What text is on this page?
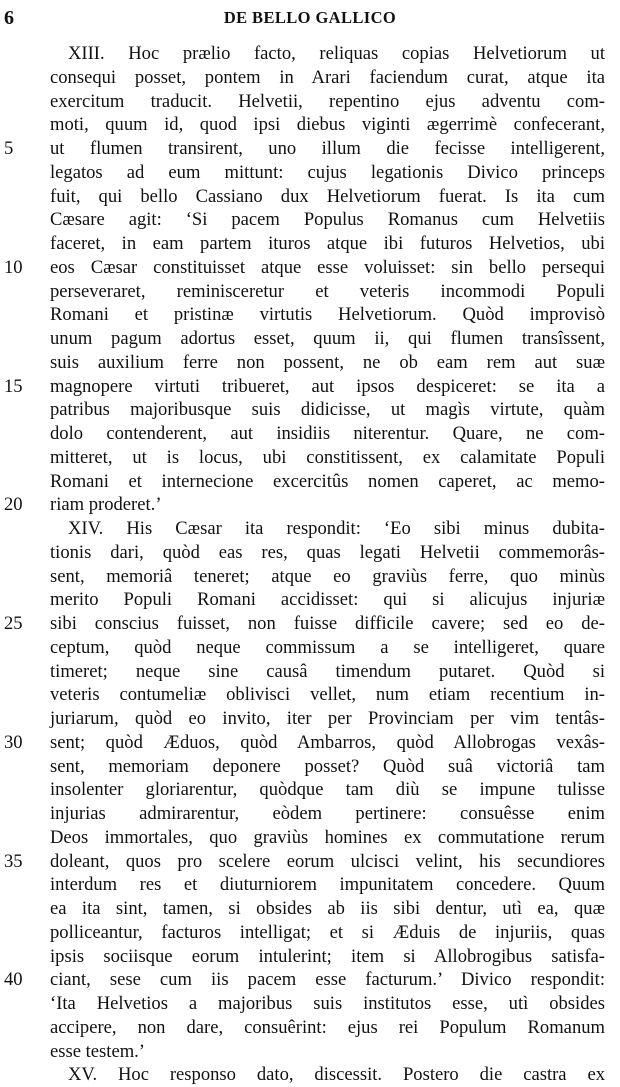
6	DE BELLO GALLICO
XIII. Hoc prælio facto, reliquas copias Helvetiorum ut
consequi posset, pontem in Arari faciendum curat, atque ita
exercitum traducit. Helvetii, repentino ejus adventu com-
moti, quum id, quod ipsi diebus viginti ægerrimè confecerant,
5	ut flumen transirent, uno illum die fecisse intelligerent,
legatos ad eum mittunt: cujus legationis Divico princeps
fuit, qui bello Cassiano dux Helvetiorum fuerat. Is ita cum
Cæsare agit: ‘Si pacem Populus Romanus cum Helvetiis
faceret, in eam partem ituros atque ibi futuros Helvetios, ubi
10	eos Cæsar constituisset atque esse voluisset: sin bello persequi
perseveraret, reminisceretur et veteris incommodi Populi
Romani et pristinæ virtutis Helvetiorum. Quòd improvisò
unum pagum adortus esset, quum ii, qui flumen transîssent,
suis auxilium ferre non possent, ne ob eam rem aut suæ
15	magnopere virtuti tribueret, aut ipsos despiceret: se ita a
patribus majoribusque suis didicisse, ut magìs virtute, quàm
dolo contenderent, aut insidiis niterentur. Quare, ne com-
mitteret, ut is locus, ubi constitissent, ex calamitate Populi
Romani et internecione excercitûs nomen caperet, ac memo-
20	riam proderet.’
XIV. His Cæsar ita respondit: ‘Eo sibi minus dubita-
tionis dari, quòd eas res, quas legati Helvetii commemorâs-
sent, memoriâ teneret; atque eo graviùs ferre, quo minùs
merito Populi Romani accidisset: qui si alicujus injuriæ
25	sibi conscius fuisset, non fuisse difficile cavere; sed eo de-
ceptum, quòd neque commissum a se intelligeret, quare
timeret; neque sine causâ timendum putaret. Quòd si
veteris contumeliæ oblivisci vellet, num etiam recentium in-
juriarum, quòd eo invito, iter per Provinciam per vim tentâs-
30	sent; quòd Æduos, quòd Ambarros, quòd Allobrogas vexâs-
sent, memoriam deponere posset? Quòd suâ victoriâ tam
insolenter gloriarentur, quòdque tam diù se impune tulisse
injurias admirarentur, eòdem pertinere: consuêsse enim
Deos immortales, quo graviùs homines ex commutatione rerum
35	doleant, quos pro scelere eorum ulcisci velint, his secundiores
interdum res et diuturniorem impunitatem concedere. Quum
ea ita sint, tamen, si obsides ab iis sibi dentur, utì ea, quæ
polliceantur, facturos intelligat; et si Æduis de injuriis, quas
ipsis sociisque eorum intulerint; item si Allobrogibus satisfa-
40	ciant, sese cum iis pacem esse facturum.’ Divico respondit:
‘Ita Helvetios a majoribus suis institutos esse, utì obsides
accipere, non dare, consuêrint: ejus rei Populum Romanum
esse testem.’
XV. Hoc responso dato, discessit. Postero die castra ex
